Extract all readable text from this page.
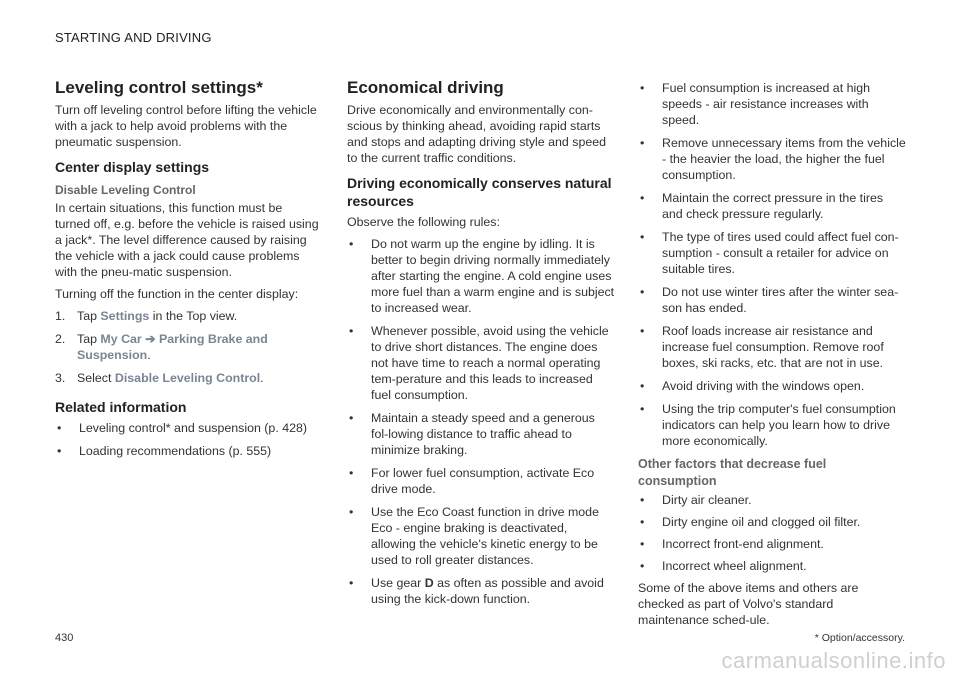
STARTING AND DRIVING
Leveling control settings*

Turn off leveling control before lifting the vehicle with a jack to help avoid problems with the pneumatic suspension.

Center display settings
Disable Leveling Control

In certain situations, this function must be turned off, e.g. before the vehicle is raised using a jack*. The level difference caused by raising the vehicle with a jack could cause problems with the pneu-matic suspension.

Turning off the function in the center display:

1. Tap Settings in the Top view.
2. Tap My Car ➔ Parking Brake and Suspension.
3. Select Disable Leveling Control.
Related information
•	Leveling control* and suspension (p. 428)
•	Loading recommendations (p. 555)
Economical driving

Drive economically and environmentally con-scious by thinking ahead, avoiding rapid starts and stops and adapting driving style and speed to the current traffic conditions.

Driving economically conserves natural resources

Observe the following rules:

•	Do not warm up the engine by idling. It is better to begin driving normally immediately after starting the engine. A cold engine uses more fuel than a warm engine and is subject to increased wear.
•	Whenever possible, avoid using the vehicle to drive short distances. The engine does not have time to reach a normal operating tem-perature and this leads to increased fuel consumption.
•	Maintain a steady speed and a generous fol-lowing distance to traffic ahead to minimize braking.
•	For lower fuel consumption, activate Eco drive mode.
•	Use the Eco Coast function in drive mode Eco - engine braking is deactivated, allowing the vehicle's kinetic energy to be used to roll greater distances.
•	Use gear D as often as possible and avoid using the kick-down function.
•	Fuel consumption is increased at high speeds - air resistance increases with speed.
•	Remove unnecessary items from the vehicle - the heavier the load, the higher the fuel consumption.
•	Maintain the correct pressure in the tires and check pressure regularly.
•	The type of tires used could affect fuel con-sumption - consult a retailer for advice on suitable tires.
•	Do not use winter tires after the winter sea-son has ended.
•	Roof loads increase air resistance and increase fuel consumption. Remove roof boxes, ski racks, etc. that are not in use.
•	Avoid driving with the windows open.
•	Using the trip computer's fuel consumption indicators can help you learn how to drive more economically.
Other factors that decrease fuel consumption
•	Dirty air cleaner.
•	Dirty engine oil and clogged oil filter.
•	Incorrect front-end alignment.
•	Incorrect wheel alignment.

Some of the above items and others are checked as part of Volvo's standard maintenance sched-ule.

430	* Option/accessory.
carmanualsonline.info
